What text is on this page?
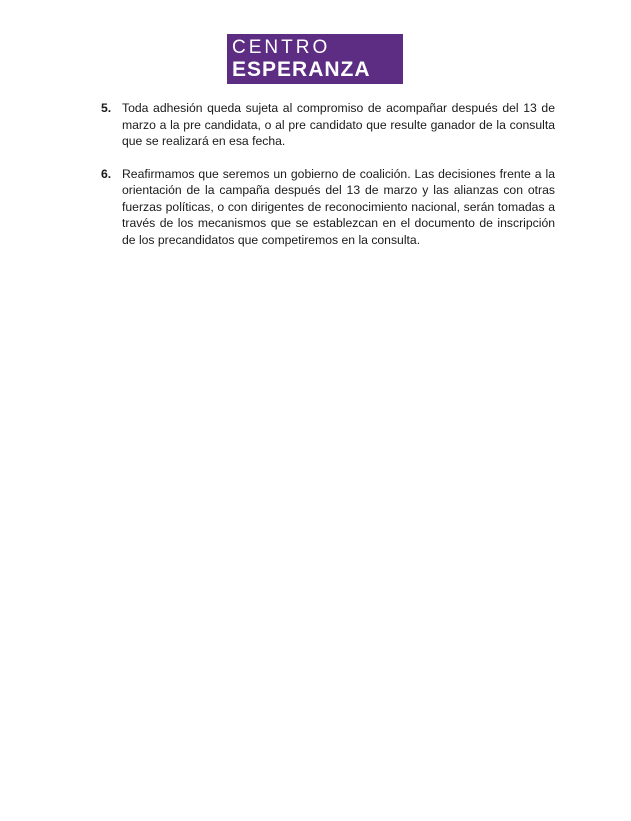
CENTRO
ESPERANZA
5. Toda adhesión queda sujeta al compromiso de acompañar después del 13 de marzo a la pre candidata, o al pre candidato que resulte ganador de la consulta que se realizará en esa fecha.
6. Reafirmamos que seremos un gobierno de coalición. Las decisiones frente a la orientación de la campaña después del 13 de marzo y las alianzas con otras fuerzas políticas, o con dirigentes de reconocimiento nacional, serán tomadas a través de los mecanismos que se establezcan en el documento de inscripción de los precandidatos que competiremos en la consulta.
